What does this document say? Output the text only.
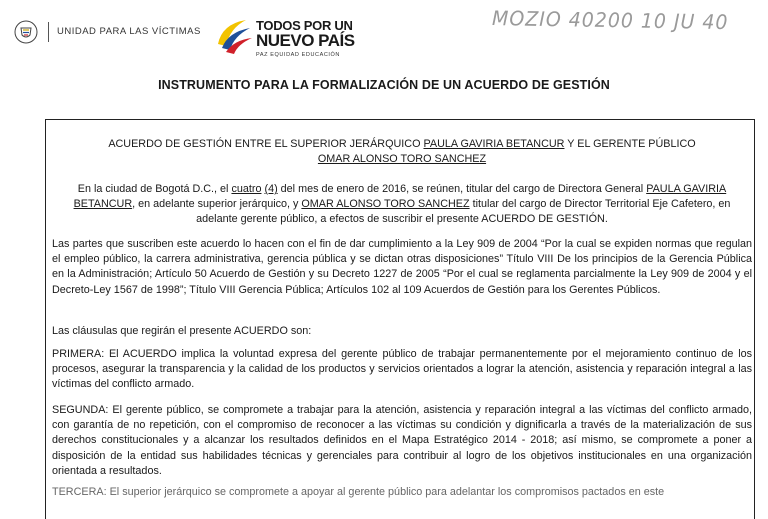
UNIDAD PARA LAS VÍCTIMAS	TODOS POR UN
NUEVO PAÍS
PAZ EQUIDAD EDUCACIÓN
MOZIO 40200 10 JU 40
INSTRUMENTO PARA LA FORMALIZACIÓN DE UN ACUERDO DE GESTIÓN
ACUERDO DE GESTIÓN ENTRE EL SUPERIOR JERÁRQUICO PAULA GAVIRIA BETANCUR Y EL GERENTE PÚBLICO OMAR ALONSO TORO SANCHEZ
En la ciudad de Bogotá D.C., el cuatro (4) del mes de enero de 2016, se reúnen, titular del cargo de Directora General PAULA GAVIRIA BETANCUR, en adelante superior jerárquico, y OMAR ALONSO TORO SANCHEZ titular del cargo de Director Territorial Eje Cafetero, en adelante gerente público, a efectos de suscribir el presente ACUERDO DE GESTIÓN.
Las partes que suscriben este acuerdo lo hacen con el fin de dar cumplimiento a la Ley 909 de 2004 “Por la cual se expiden normas que regulan el empleo público, la carrera administrativa, gerencia pública y se dictan otras disposiciones” Título VIII De los principios de la Gerencia Pública en la Administración; Artículo 50 Acuerdo de Gestión y su Decreto 1227 de 2005 “Por el cual se reglamenta parcialmente la Ley 909 de 2004 y el Decreto-Ley 1567 de 1998”; Título VIII Gerencia Pública; Artículos 102 al 109 Acuerdos de Gestión para los Gerentes Públicos.
Las cláusulas que regirán el presente ACUERDO son:
PRIMERA: El ACUERDO implica la voluntad expresa del gerente público de trabajar permanentemente por el mejoramiento continuo de los procesos, asegurar la transparencia y la calidad de los productos y servicios orientados a lograr la atención, asistencia y reparación integral a las víctimas del conflicto armado.
SEGUNDA: El gerente público, se compromete a trabajar para la atención, asistencia y reparación integral a las víctimas del conflicto armado, con garantía de no repetición, con el compromiso de reconocer a las víctimas su condición y dignificarla a través de la materialización de sus derechos constitucionales y a alcanzar los resultados definidos en el Mapa Estratégico 2014 - 2018; así mismo, se compromete a poner a disposición de la entidad sus habilidades técnicas y gerenciales para contribuir al logro de los objetivos institucionales en una organización orientada a resultados.
TERCERA: El superior jerárquico se compromete a apoyar al gerente público para adelantar los compromisos pactados en este
